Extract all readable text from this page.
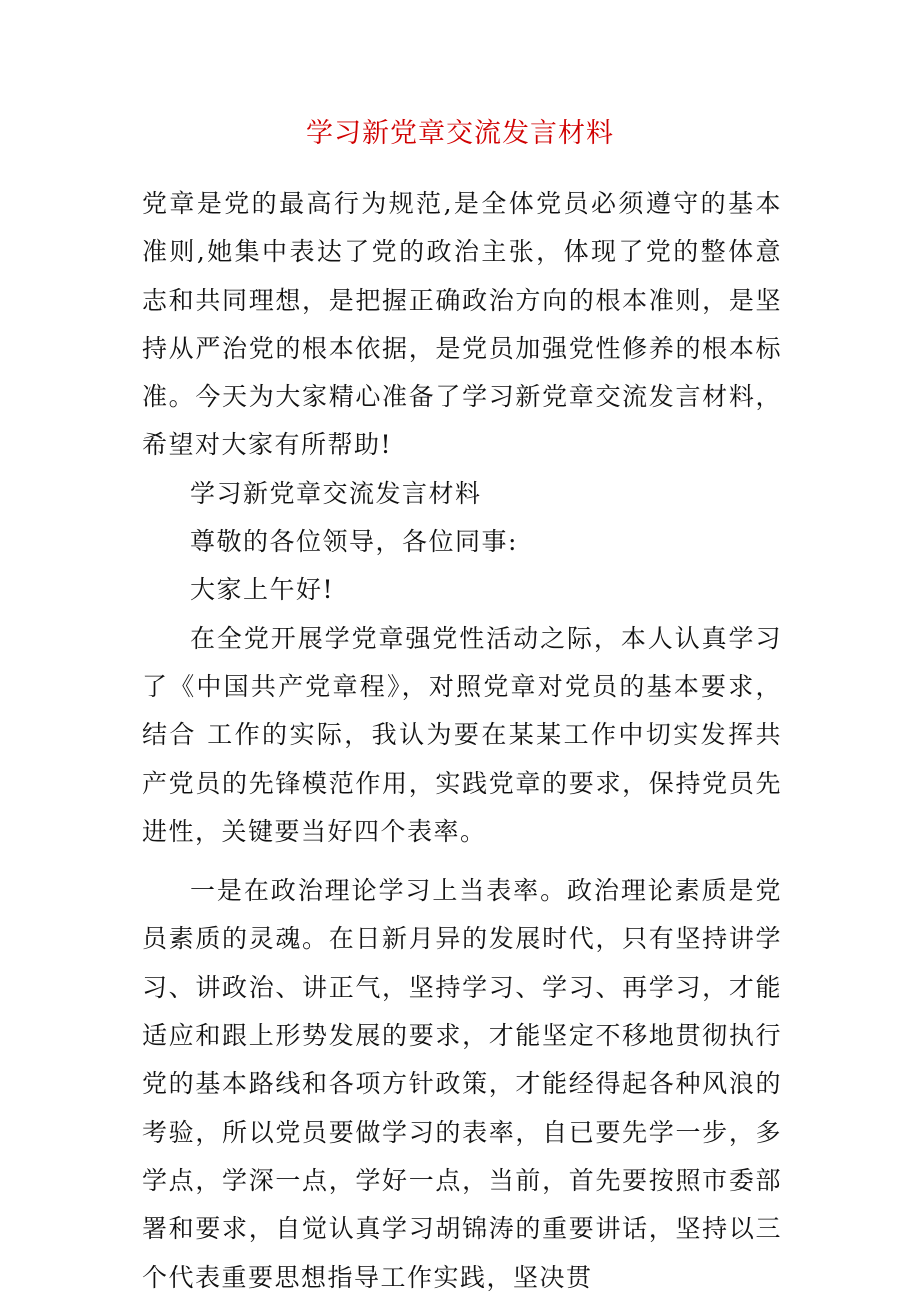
学习新党章交流发言材料

党章是党的最高行为规范,是全体党员必须遵守的基本准则,她集中表达了党的政治主张，体现了党的整体意志和共同理想，是把握正确政治方向的根本准则，是坚持从严治党的根本依据，是党员加强党性修养的根本标准。今天为大家精心准备了学习新党章交流发言材料，希望对大家有所帮助!

学习新党章交流发言材料

尊敬的各位领导，各位同事:

大家上午好!

在全党开展学党章强党性活动之际，本人认真学习了《中国共产党章程》，对照党章对党员的基本要求，结合 工作的实际，我认为要在某某工作中切实发挥共产党员的先锋模范作用，实践党章的要求，保持党员先进性，关键要当好四个表率。

一是在政治理论学习上当表率。政治理论素质是党员素质的灵魂。在日新月异的发展时代，只有坚持讲学习、讲政治、讲正气，坚持学习、学习、再学习，才能适应和跟上形势发展的要求，才能坚定不移地贯彻执行党的基本路线和各项方针政策，才能经得起各种风浪的考验，所以党员要做学习的表率，自已要先学一步，多学点，学深一点，学好一点，当前，首先要按照市委部署和要求，自觉认真学习胡锦涛的重要讲话，坚持以三个代表重要思想指导工作实践，坚决贯
